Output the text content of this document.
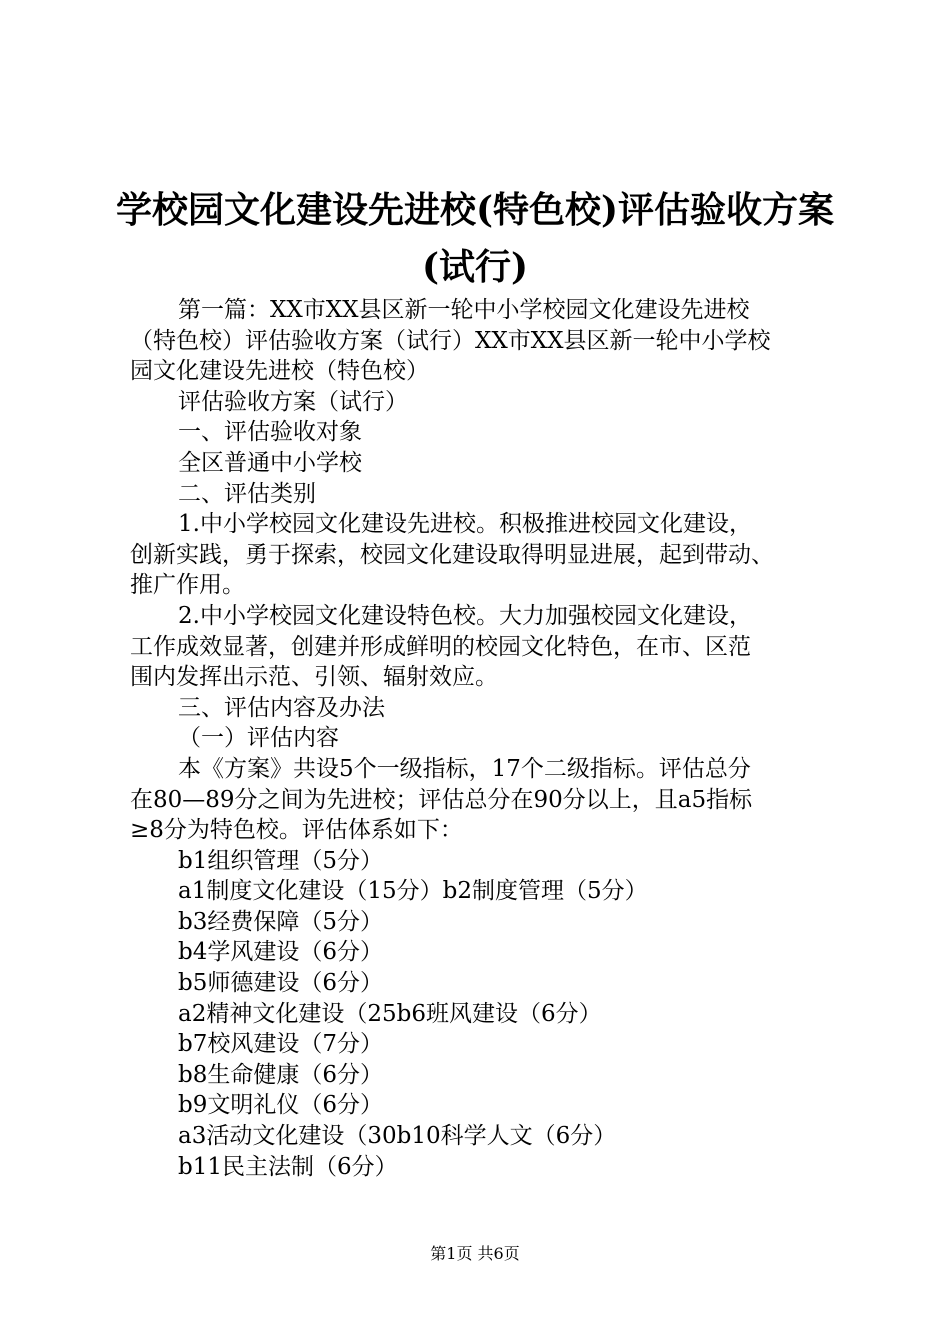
学校园文化建设先进校(特色校)评估验收方案
(试行)
第一篇：XX市XX县区新一轮中小学校园文化建设先进校
（特色校）评估验收方案（试行）XX市XX县区新一轮中小学校
园文化建设先进校（特色校）
评估验收方案（试行）
一、评估验收对象
全区普通中小学校
二、评估类别
1.中小学校园文化建设先进校。积极推进校园文化建设，
创新实践，勇于探索，校园文化建设取得明显进展，起到带动、
推广作用。
2.中小学校园文化建设特色校。大力加强校园文化建设，
工作成效显著，创建并形成鲜明的校园文化特色，在市、区范
围内发挥出示范、引领、辐射效应。
三、评估内容及办法
（一）评估内容
本《方案》共设5个一级指标，17个二级指标。评估总分
在80—89分之间为先进校；评估总分在90分以上，且a5指标
≥8分为特色校。评估体系如下：
b1组织管理（5分）
a1制度文化建设（15分）b2制度管理（5分）
b3经费保障（5分）
b4学风建设（6分）
b5师德建设（6分）
a2精神文化建设（25b6班风建设（6分）
b7校风建设（7分）
b8生命健康（6分）
b9文明礼仪（6分）
a3活动文化建设（30b10科学人文（6分）
b11民主法制（6分）
第1页 共6页
